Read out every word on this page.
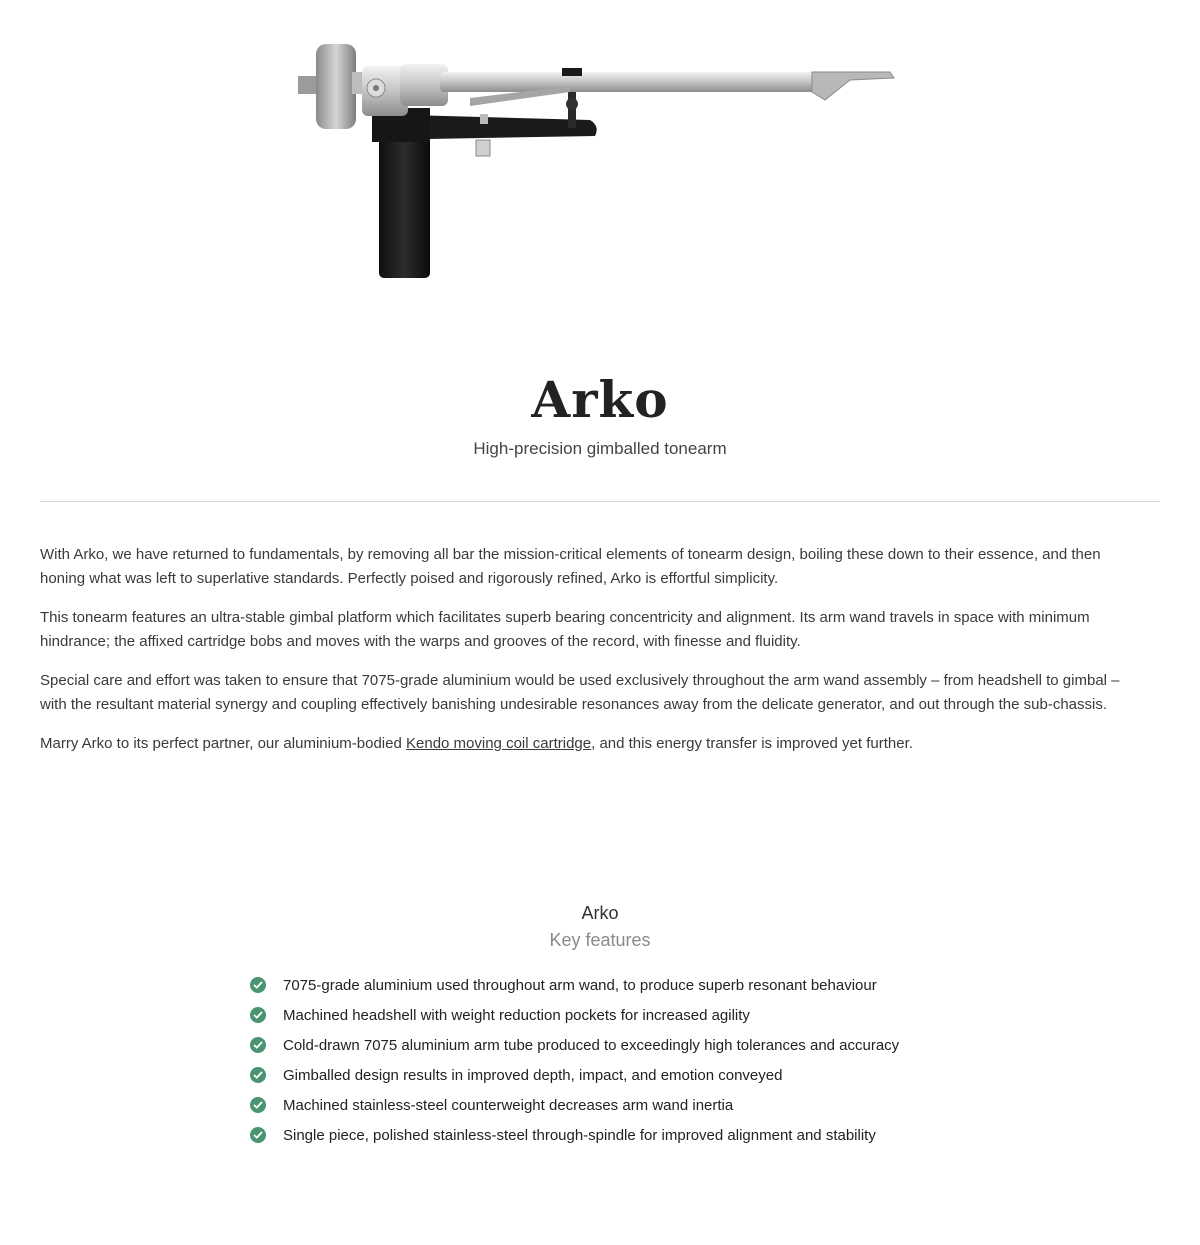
Arko

High-precision gimballed tonearm

With Arko, we have returned to fundamentals, by removing all bar the mission-critical elements of tonearm design, boiling these down to their essence, and then honing what was left to superlative standards. Perfectly poised and rigorously refined, Arko is effortful simplicity.

This tonearm features an ultra-stable gimbal platform which facilitates superb bearing concentricity and alignment. Its arm wand travels in space with minimum hindrance; the affixed cartridge bobs and moves with the warps and grooves of the record, with finesse and fluidity.

Special care and effort was taken to ensure that 7075-grade aluminium would be used exclusively throughout the arm wand assembly – from headshell to gimbal – with the resultant material synergy and coupling effectively banishing undesirable resonances away from the delicate generator, and out through the sub-chassis.

Marry Arko to its perfect partner, our aluminium-bodied Kendo moving coil cartridge, and this energy transfer is improved yet further.

Arko
Key features
7075-grade aluminium used throughout arm wand, to produce superb resonant behaviour
Machined headshell with weight reduction pockets for increased agility
Cold-drawn 7075 aluminium arm tube produced to exceedingly high tolerances and accuracy
Gimballed design results in improved depth, impact, and emotion conveyed
Machined stainless-steel counterweight decreases arm wand inertia
Single piece, polished stainless-steel through-spindle for improved alignment and stability
